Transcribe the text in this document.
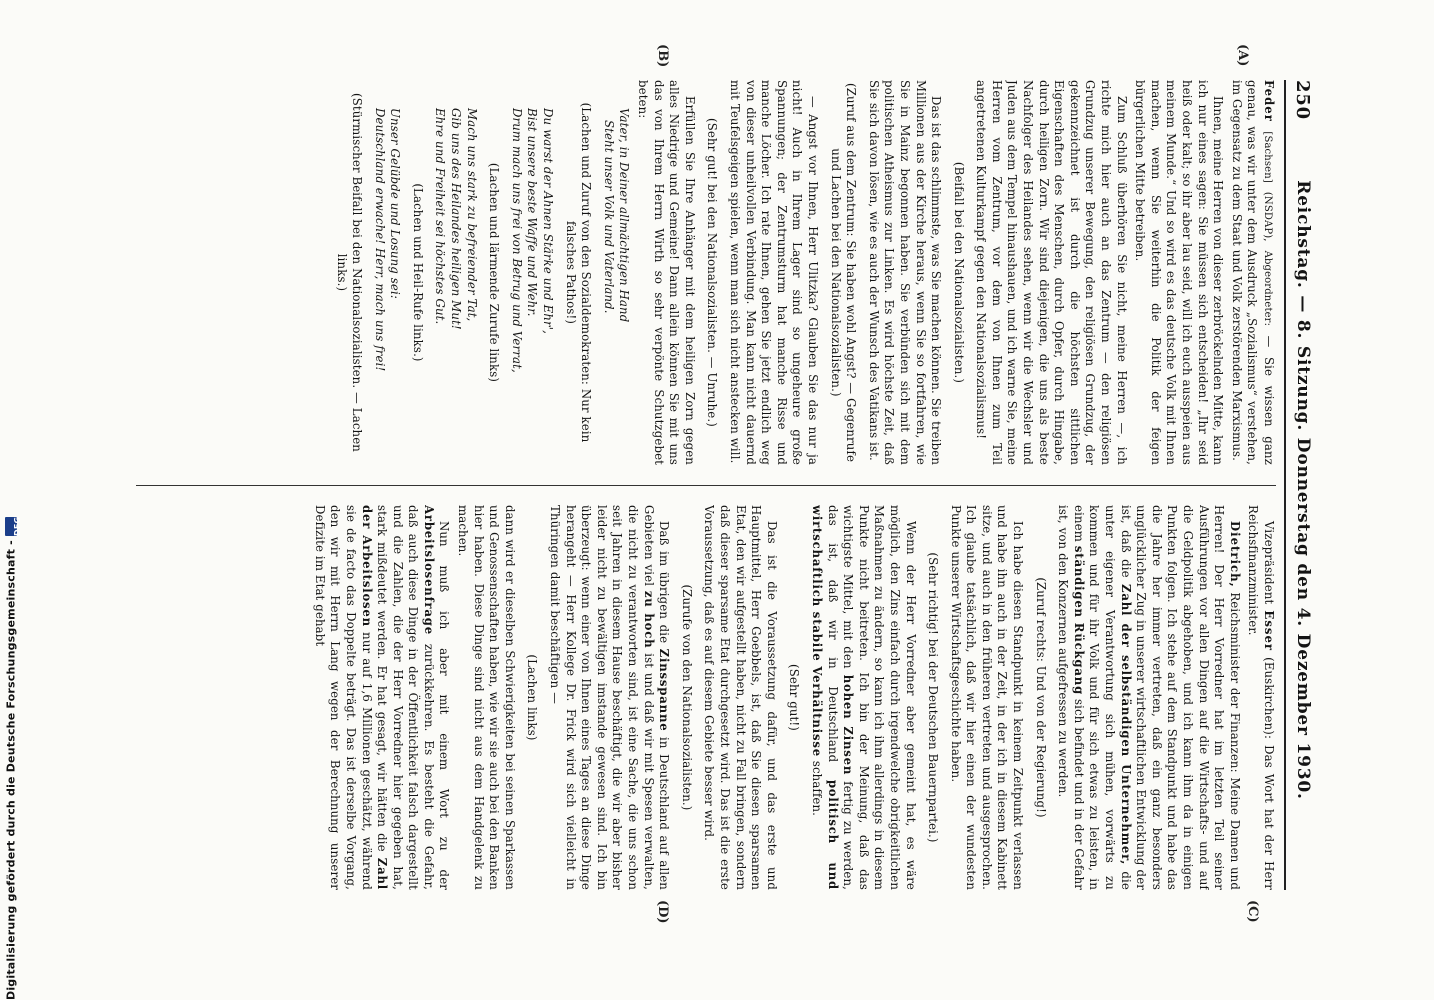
250
Reichstag. — 8. Sitzung. Donnerstag den 4. Dezember 1930.
(A)
(B)
(C)
(D)

Feder [Sachsen] (NSDAP), Abgeordneter: — Sie wissen ganz genau, was wir unter dem Ausdruck „Sozialismus“ verstehen, im Gegensatz zu dem Staat und Volk zerstörenden Marxismus.

Ihnen, meine Herren von dieser zerbröckelnden Mitte, kann ich nur eines sagen: Sie müssen sich entscheiden! „Ihr seid heiß oder kalt; so ihr aber lau seid, will ich euch ausspeien aus meinem Munde.“ Und so wird es das deutsche Volk mit Ihnen machen, wenn Sie weiterhin die Politik der feigen bürgerlichen Mitte betreiben.

Zum Schluß überhören Sie nicht, meine Herren —, ich richte mich hier auch an das Zentrum — den religiösen Grundzug unserer Bewegung, den religiösen Grundzug, der gekennzeichnet ist durch die höchsten sittlichen Eigenschaften des Menschen, durch Opfer, durch Hingabe, durch heiligen Zorn. Wir sind diejenigen, die uns als beste Nachfolger des Heilandes sehen, wenn wir die Wechsler und Juden aus dem Tempel hinaushauen, und ich warne Sie, meine Herren vom Zentrum, vor dem von Ihnen zum Teil angetretenen Kulturkampf gegen den Nationalsozialismus!

(Beifall bei den Nationalsozialisten.)

Das ist das schlimmste, was Sie machen können. Sie treiben Millionen aus der Kirche heraus, wenn Sie so fortfahren, wie Sie in Mainz begonnen haben. Sie verbünden sich mit dem politischen Atheismus zur Linken. Es wird höchste Zeit, daß Sie sich davon lösen, wie es auch der Wunsch des Vatikans ist.

(Zuruf aus dem Zentrum: Sie haben wohl Angst? — Gegenrufe und Lachen bei den Nationalsozialisten.)

— Angst vor Ihnen, Herr Ulitzka? Glauben Sie das nur ja nicht! Auch in Ihrem Lager sind so ungeheure große Spannungen; der Zentrumsturm hat manche Risse und manche Löcher. Ich rate Ihnen, gehen Sie jetzt endlich weg von dieser unheilvollen Verbindung. Man kann nicht dauernd mit Teufelsgeigen spielen, wenn man sich nicht anstecken will.

(Sehr gut! bei den Nationalsozialisten. — Unruhe.)

Erfüllen Sie Ihre Anhänger mit dem heiligen Zorn gegen alles Niedrige und Gemeine! Dann allein können Sie mit uns das von Ihrem Herrn Wirth so sehr verpönte Schutzgebet beten:

Vater, in Deiner allmächtigen Hand

Steht unser Volk und Vaterland.

(Lachen und Zuruf von den Sozialdemokraten: Nur kein falsches Pathos!)

Du warst der Ahnen Stärke und Ehr',

Bist unsere beste Waffe und Wehr.

Drum mach uns frei von Betrug und Verrat,

(Lachen und lärmende Zurufe links)

Mach uns stark zu befreiender Tat,

Gib uns des Heilandes heiligen Mut!

Ehre und Freiheit sei höchstes Gut.

(Lachen und Heil-Rufe links.)

Unser Gelübde und Losung sei:

Deutschland erwache! Herr, mach uns frei!

(Stürmischer Beifall bei den Nationalsozialisten. — Lachen links.)

Vizepräsident Esser (Euskirchen): Das Wort hat der Herr Reichsfinanzminister.

Dietrich, Reichsminister der Finanzen: Meine Damen und Herren! Der Herr Vorredner hat im letzten Teil seiner Ausführungen vor allen Dingen auf die Wirtschafts- und auf die Geldpolitik abgehoben, und ich kann ihm da in einigen Punkten folgen. Ich stehe auf dem Standpunkt und habe das die Jahre her immer vertreten, daß ein ganz besonders unglücklicher Zug in unserer wirtschaftlichen Entwicklung der ist, daß die Zahl der selbständigen Unternehmer, die unter eigener Verantwortung sich mühen, vorwärts zu kommen und für ihr Volk und für sich etwas zu leisten, in einem ständigen Rückgang sich befindet und in der Gefahr ist, von den Konzernen aufgefressen zu werden.

(Zuruf rechts: Und von der Regierung!)

Ich habe diesen Standpunkt in keinem Zeitpunkt verlassen und habe ihn auch in der Zeit, in der ich in diesem Kabinett sitze, und auch in den früheren vertreten und ausgesprochen. Ich glaube tatsächlich, daß wir hier einen der wundesten Punkte unserer Wirtschaftsgeschichte haben.

(Sehr richtig! bei der Deutschen Bauernpartei.)

Wenn der Herr Vorredner aber gemeint hat, es wäre möglich, den Zins einfach durch irgendwelche obrigkeitlichen Maßnahmen zu ändern, so kann ich ihm allerdings in diesem Punkte nicht beitreten. Ich bin der Meinung, daß das wichtigste Mittel, mit den hohen Zinsen fertig zu werden, das ist, daß wir in Deutschland politisch und wirtschaftlich stabile Verhältnisse schaffen.

(Sehr gut!)

Das ist die Voraussetzung dafür, und das erste und Hauptmittel, Herr Goebbels, ist, daß Sie diesen sparsamen Etat, den wir aufgestellt haben, nicht zu Fall bringen, sondern daß dieser sparsame Etat durchgesetzt wird. Das ist die erste Voraussetzung, daß es auf diesem Gebiete besser wird.

(Zurufe von den Nationalsozialisten.)

Daß im übrigen die Zinsspanne in Deutschland auf allen Gebieten viel zu hoch ist und daß wir mit Spesen verwalten, die nicht zu verantworten sind, ist eine Sache, die uns schon seit Jahren in diesem Hause beschäftigt, die wir aber bisher leider nicht zu bewältigen imstande gewesen sind. Ich bin überzeugt: wenn einer von Ihnen eines Tages an diese Dinge herangeht — Herr Kollege Dr. Frick wird sich vielleicht in Thüringen damit beschäftigen —

(Lachen links)

dann wird er dieselben Schwierigkeiten bei seinen Sparkassen und Genossenschaften haben, wie wir sie auch bei den Banken hier haben. Diese Dinge sind nicht aus dem Handgelenk zu machen.

Nun muß ich aber mit einem Wort zu der Arbeitslosenfrage zurückkehren. Es besteht die Gefahr, daß auch diese Dinge in der Öffentlichkeit falsch dargestellt und die Zahlen, die der Herr Vorredner hier gegeben hat, stark mißdeutet werden. Er hat gesagt, wir hätten die Zahl der Arbeitslosen nur auf 1,6 Millionen geschätzt, während sie de facto das Doppelte beträgt. Das ist derselbe Vorgang, den wir mit Herrn Lang wegen der Berechnung unserer Defizite im Etat gehabt

Digitalisierung gefördert durch die Deutsche Forschungsgemeinschaft -
DFG
